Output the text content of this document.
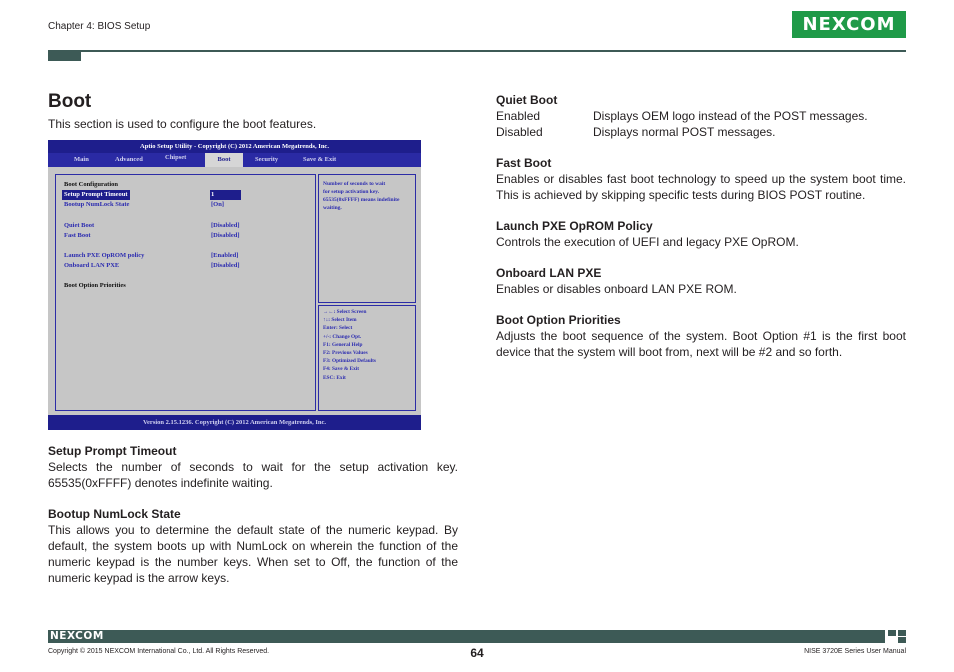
Chapter 4: BIOS Setup	NEXCOM
Boot
This section is used to configure the boot features.
Aptio Setup Utility - Copyright (C) 2012 American Megatrends, Inc.
Main	Advanced	Chipset	Boot	Security	Save & Exit
Boot Configuration
Setup Prompt Timeout	1
Bootup NumLock State	[On]
Quiet Boot	[Disabled]
Fast Boot	[Disabled]
Launch PXE OpROM policy	[Enabled]
Onboard LAN PXE	[Disabled]
Boot Option Priorities
Number of seconds to wait
for setup activation key.
65535(0xFFFF) means indefinite
waiting.
→←: Select Screen
↑↓: Select Item
Enter: Select
+/-: Change Opt.
F1: General Help
F2: Previous Values
F3: Optimized Defaults
F4: Save & Exit
ESC: Exit
Version 2.15.1236. Copyright (C) 2012 American Megatrends, Inc.
Setup Prompt Timeout
Selects the number of seconds to wait for the setup activation key. 65535(0xFFFF) denotes indefinite waiting.
Bootup NumLock State
This allows you to determine the default state of the numeric keypad. By default, the system boots up with NumLock on wherein the function of the numeric keypad is the number keys. When set to Off, the function of the numeric keypad is the arrow keys.
Quiet Boot
Enabled	Displays OEM logo instead of the POST messages.
Disabled	Displays normal POST messages.
Fast Boot
Enables or disables fast boot technology to speed up the system boot time. This is achieved by skipping specific tests during BIOS POST routine.
Launch PXE OpROM Policy
Controls the execution of UEFI and legacy PXE OpROM.
Onboard LAN PXE
Enables or disables onboard LAN PXE ROM.
Boot Option Priorities
Adjusts the boot sequence of the system. Boot Option #1 is the first boot device that the system will boot from, next will be #2 and so forth.
NEXCOM
Copyright © 2015 NEXCOM International Co., Ltd. All Rights Reserved.	64	NISE 3720E Series User Manual
